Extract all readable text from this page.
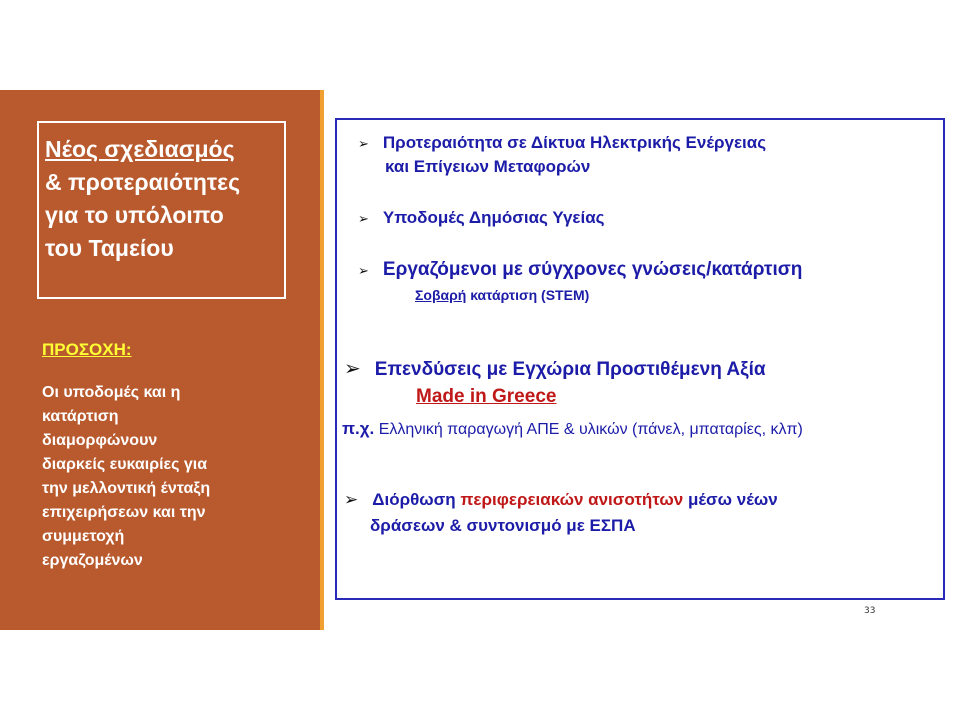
Νέος σχεδιασμός
& προτεραιότητες
για το υπόλοιπο
του Ταμείου
ΠΡΟΣΟΧΗ:
Οι υποδομές και η
κατάρτιση
διαμορφώνουν
διαρκείς ευκαιρίες για
την μελλοντική ένταξη
επιχειρήσεων και την
συμμετοχή
εργαζομένων
➢ Προτεραιότητα σε Δίκτυα Ηλεκτρικής Ενέργειας
και Επίγειων Μεταφορών
➢ Υποδομές Δημόσιας Υγείας
➢ Εργαζόμενοι με σύγχρονες γνώσεις/κατάρτιση
Σοβαρή κατάρτιση (STEM)
➢ Επενδύσεις με Εγχώρια Προστιθέμενη Αξία
Made in Greece
π.χ. Ελληνική παραγωγή ΑΠΕ & υλικών (πάνελ, μπαταρίες, κλπ)
➢ Διόρθωση περιφερειακών ανισοτήτων μέσω νέων
δράσεων & συντονισμό με ΕΣΠΑ
33
